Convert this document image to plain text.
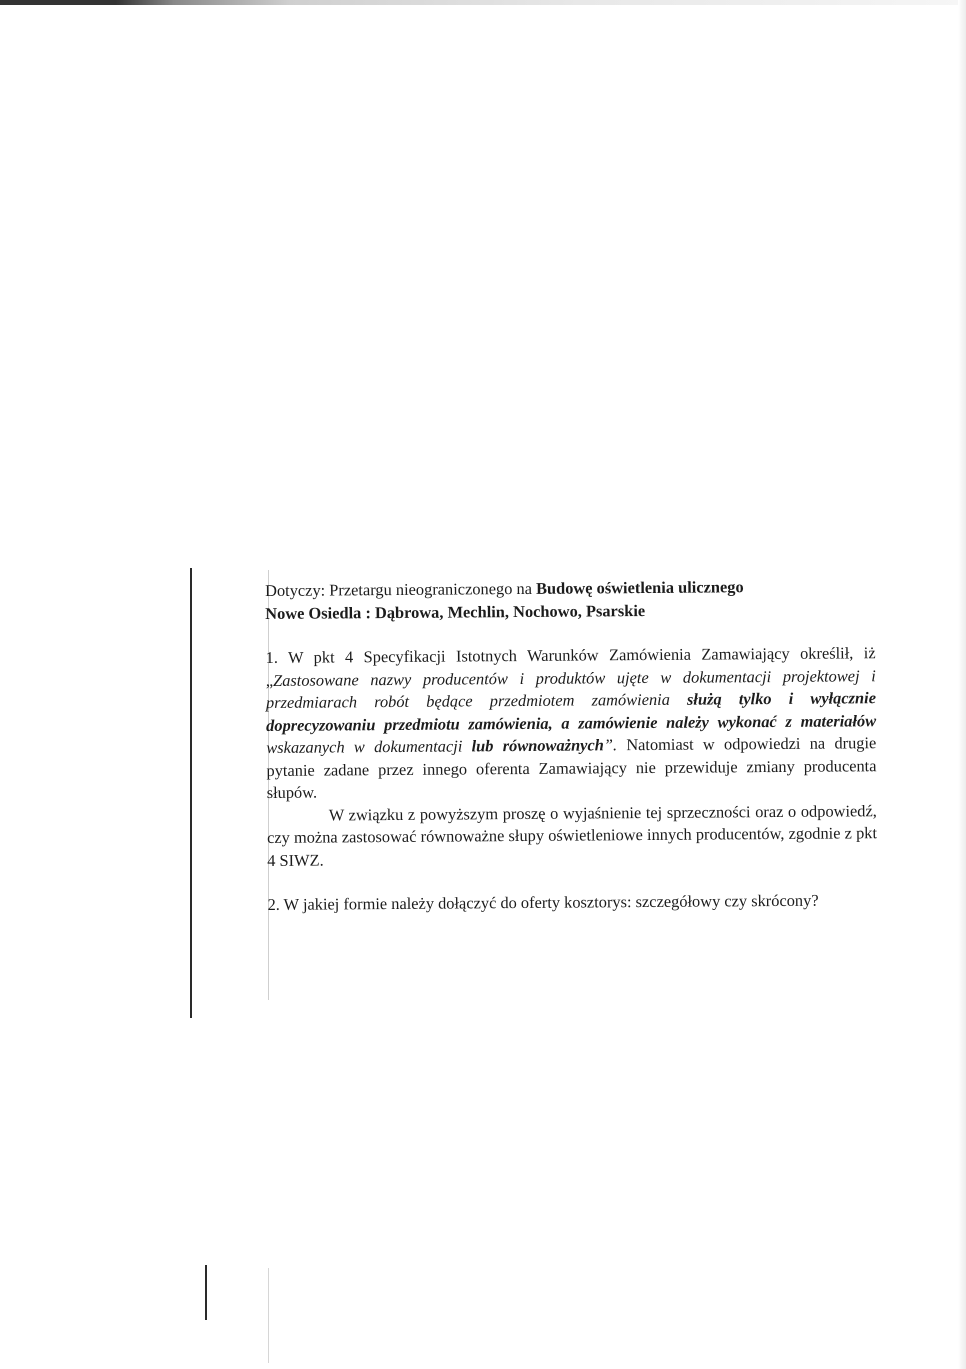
Dotyczy: Przetargu nieograniczonego na Budowę oświetlenia ulicznego
Nowe Osiedla : Dąbrowa, Mechlin, Nochowo, Psarskie

1. W pkt 4 Specyfikacji Istotnych Warunków Zamówienia Zamawiający określił, iż „Zastosowane nazwy producentów i produktów ujęte w dokumentacji projektowej i przedmiarach robót będące przedmiotem zamówienia służą tylko i wyłącznie doprecyzowaniu przedmiotu zamówienia, a zamówienie należy wykonać z materiałów wskazanych w dokumentacji lub równoważnych”. Natomiast w odpowiedzi na drugie pytanie zadane przez innego oferenta Zamawiający nie przewiduje zmiany producenta słupów.

W związku z powyższym proszę o wyjaśnienie tej sprzeczności oraz o odpowiedź, czy można zastosować równoważne słupy oświetleniowe innych producentów, zgodnie z pkt 4 SIWZ.

2. W jakiej formie należy dołączyć do oferty kosztorys: szczegółowy czy skrócony?
